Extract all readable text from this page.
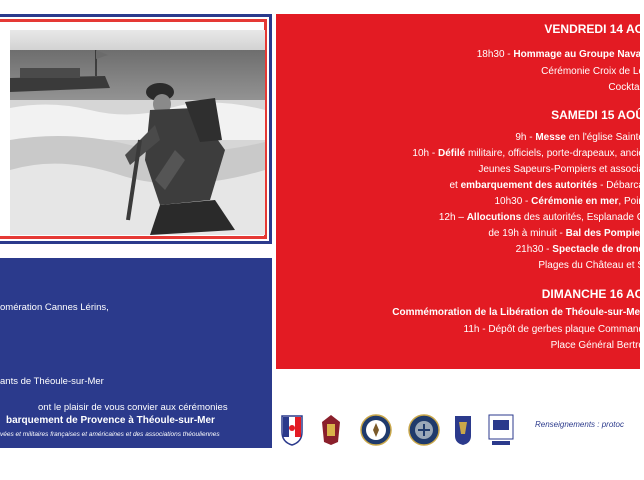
VENDREDI 14 AO
18h30 - Hommage au Groupe Naval
Cérémonie Croix de Lo
Cocktail
SAMEDI 15 AOÛ
9h - Messe en l'église Sainte
10h - Défilé militaire, officiels, porte-drapeaux, ancie
Jeunes Sapeurs-Pompiers et associa
et embarquement des autorités - Débarca
10h30 - Cérémonie en mer, Poin
12h – Allocutions des autorités, Esplanade C
de 19h à minuit - Bal des Pompier
21h30 - Spectacle de drone
Plages du Château et S
DIMANCHE 16 AO
Commémoration de la Libération de Théoule-sur-Mer
11h - Dépôt de gerbes plaque Command
Place Général Bertro
omération Cannes Lérins,
ants de Théoule-sur-Mer
ont le plaisir de vous convier aux cérémonies
barquement de Provence à Théoule-sur-Mer
vées et militaires françaises et américaines et des associations théouliennes
Renseignements : protoc
